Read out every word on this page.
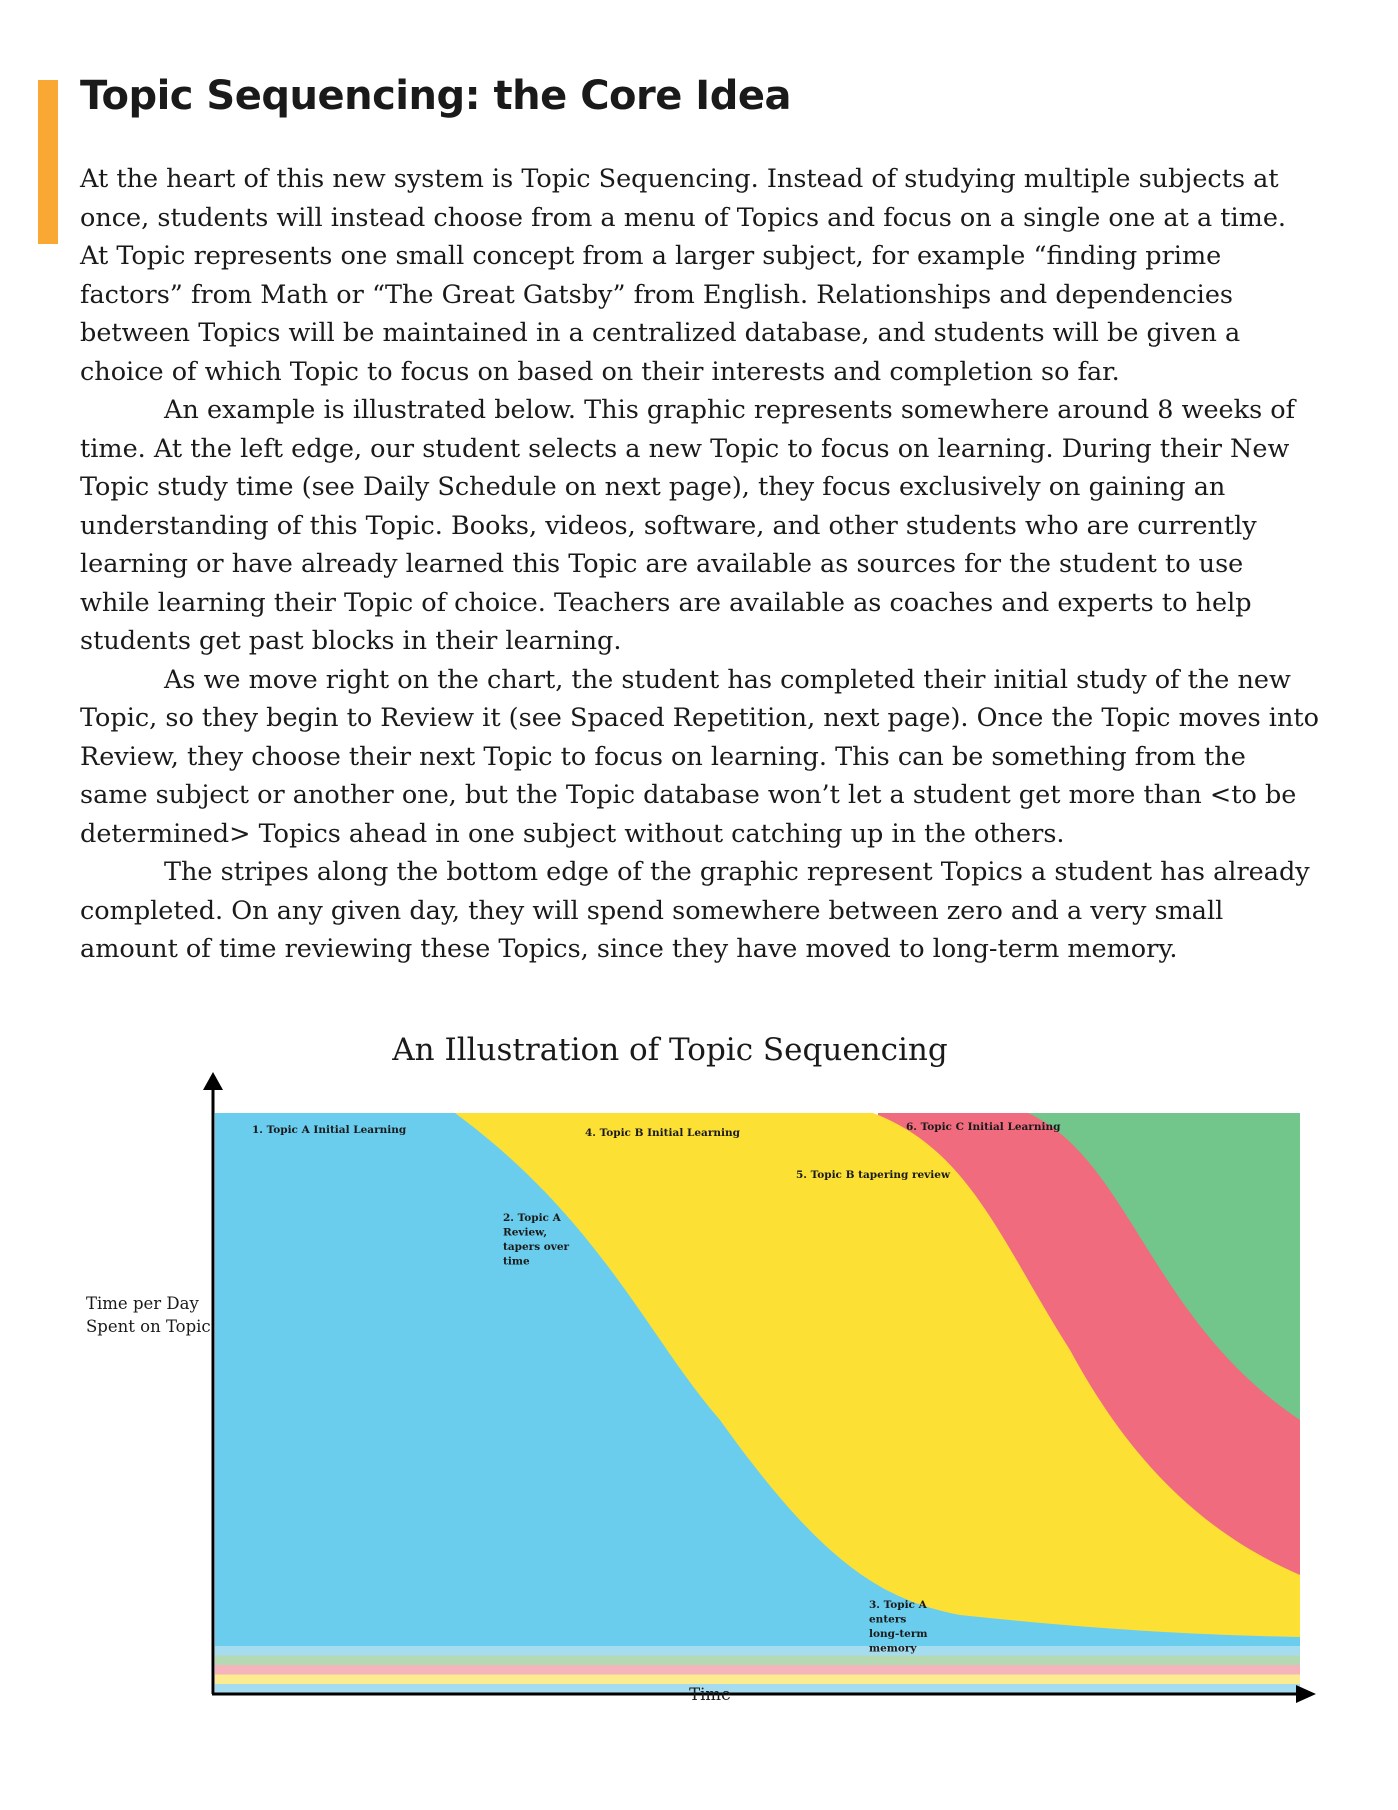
Topic Sequencing: the Core Idea

At the heart of this new system is Topic Sequencing. Instead of studying multiple subjects at once, students will instead choose from a menu of Topics and focus on a single one at a time. At Topic represents one small concept from a larger subject, for example “finding prime factors” from Math or “The Great Gatsby” from English. Relationships and dependencies between Topics will be maintained in a centralized database, and students will be given a choice of which Topic to focus on based on their interests and completion so far.

An example is illustrated below. This graphic represents somewhere around 8 weeks of time. At the left edge, our student selects a new Topic to focus on learning. During their New Topic study time (see Daily Schedule on next page), they focus exclusively on gaining an understanding of this Topic. Books, videos, software, and other students who are currently learning or have already learned this Topic are available as sources for the student to use while learning their Topic of choice. Teachers are available as coaches and experts to help students get past blocks in their learning.

As we move right on the chart, the student has completed their initial study of the new Topic, so they begin to Review it (see Spaced Repetition, next page). Once the Topic moves into Review, they choose their next Topic to focus on learning. This can be something from the same subject or another one, but the Topic database won’t let a student get more than <to be determined> Topics ahead in one subject without catching up in the others.

The stripes along the bottom edge of the graphic represent Topics a student has already completed. On any given day, they will spend somewhere between zero and a very small amount of time reviewing these Topics, since they have moved to long-term memory.

An Illustration of Topic Sequencing
1. Topic A Initial Learning
2. Topic A Review, tapers over time
3. Topic A enters long-term memory
4. Topic B Initial Learning
5. Topic B tapering review
6. Topic C Initial Learning
Time per Day Spent on Topic
Time
